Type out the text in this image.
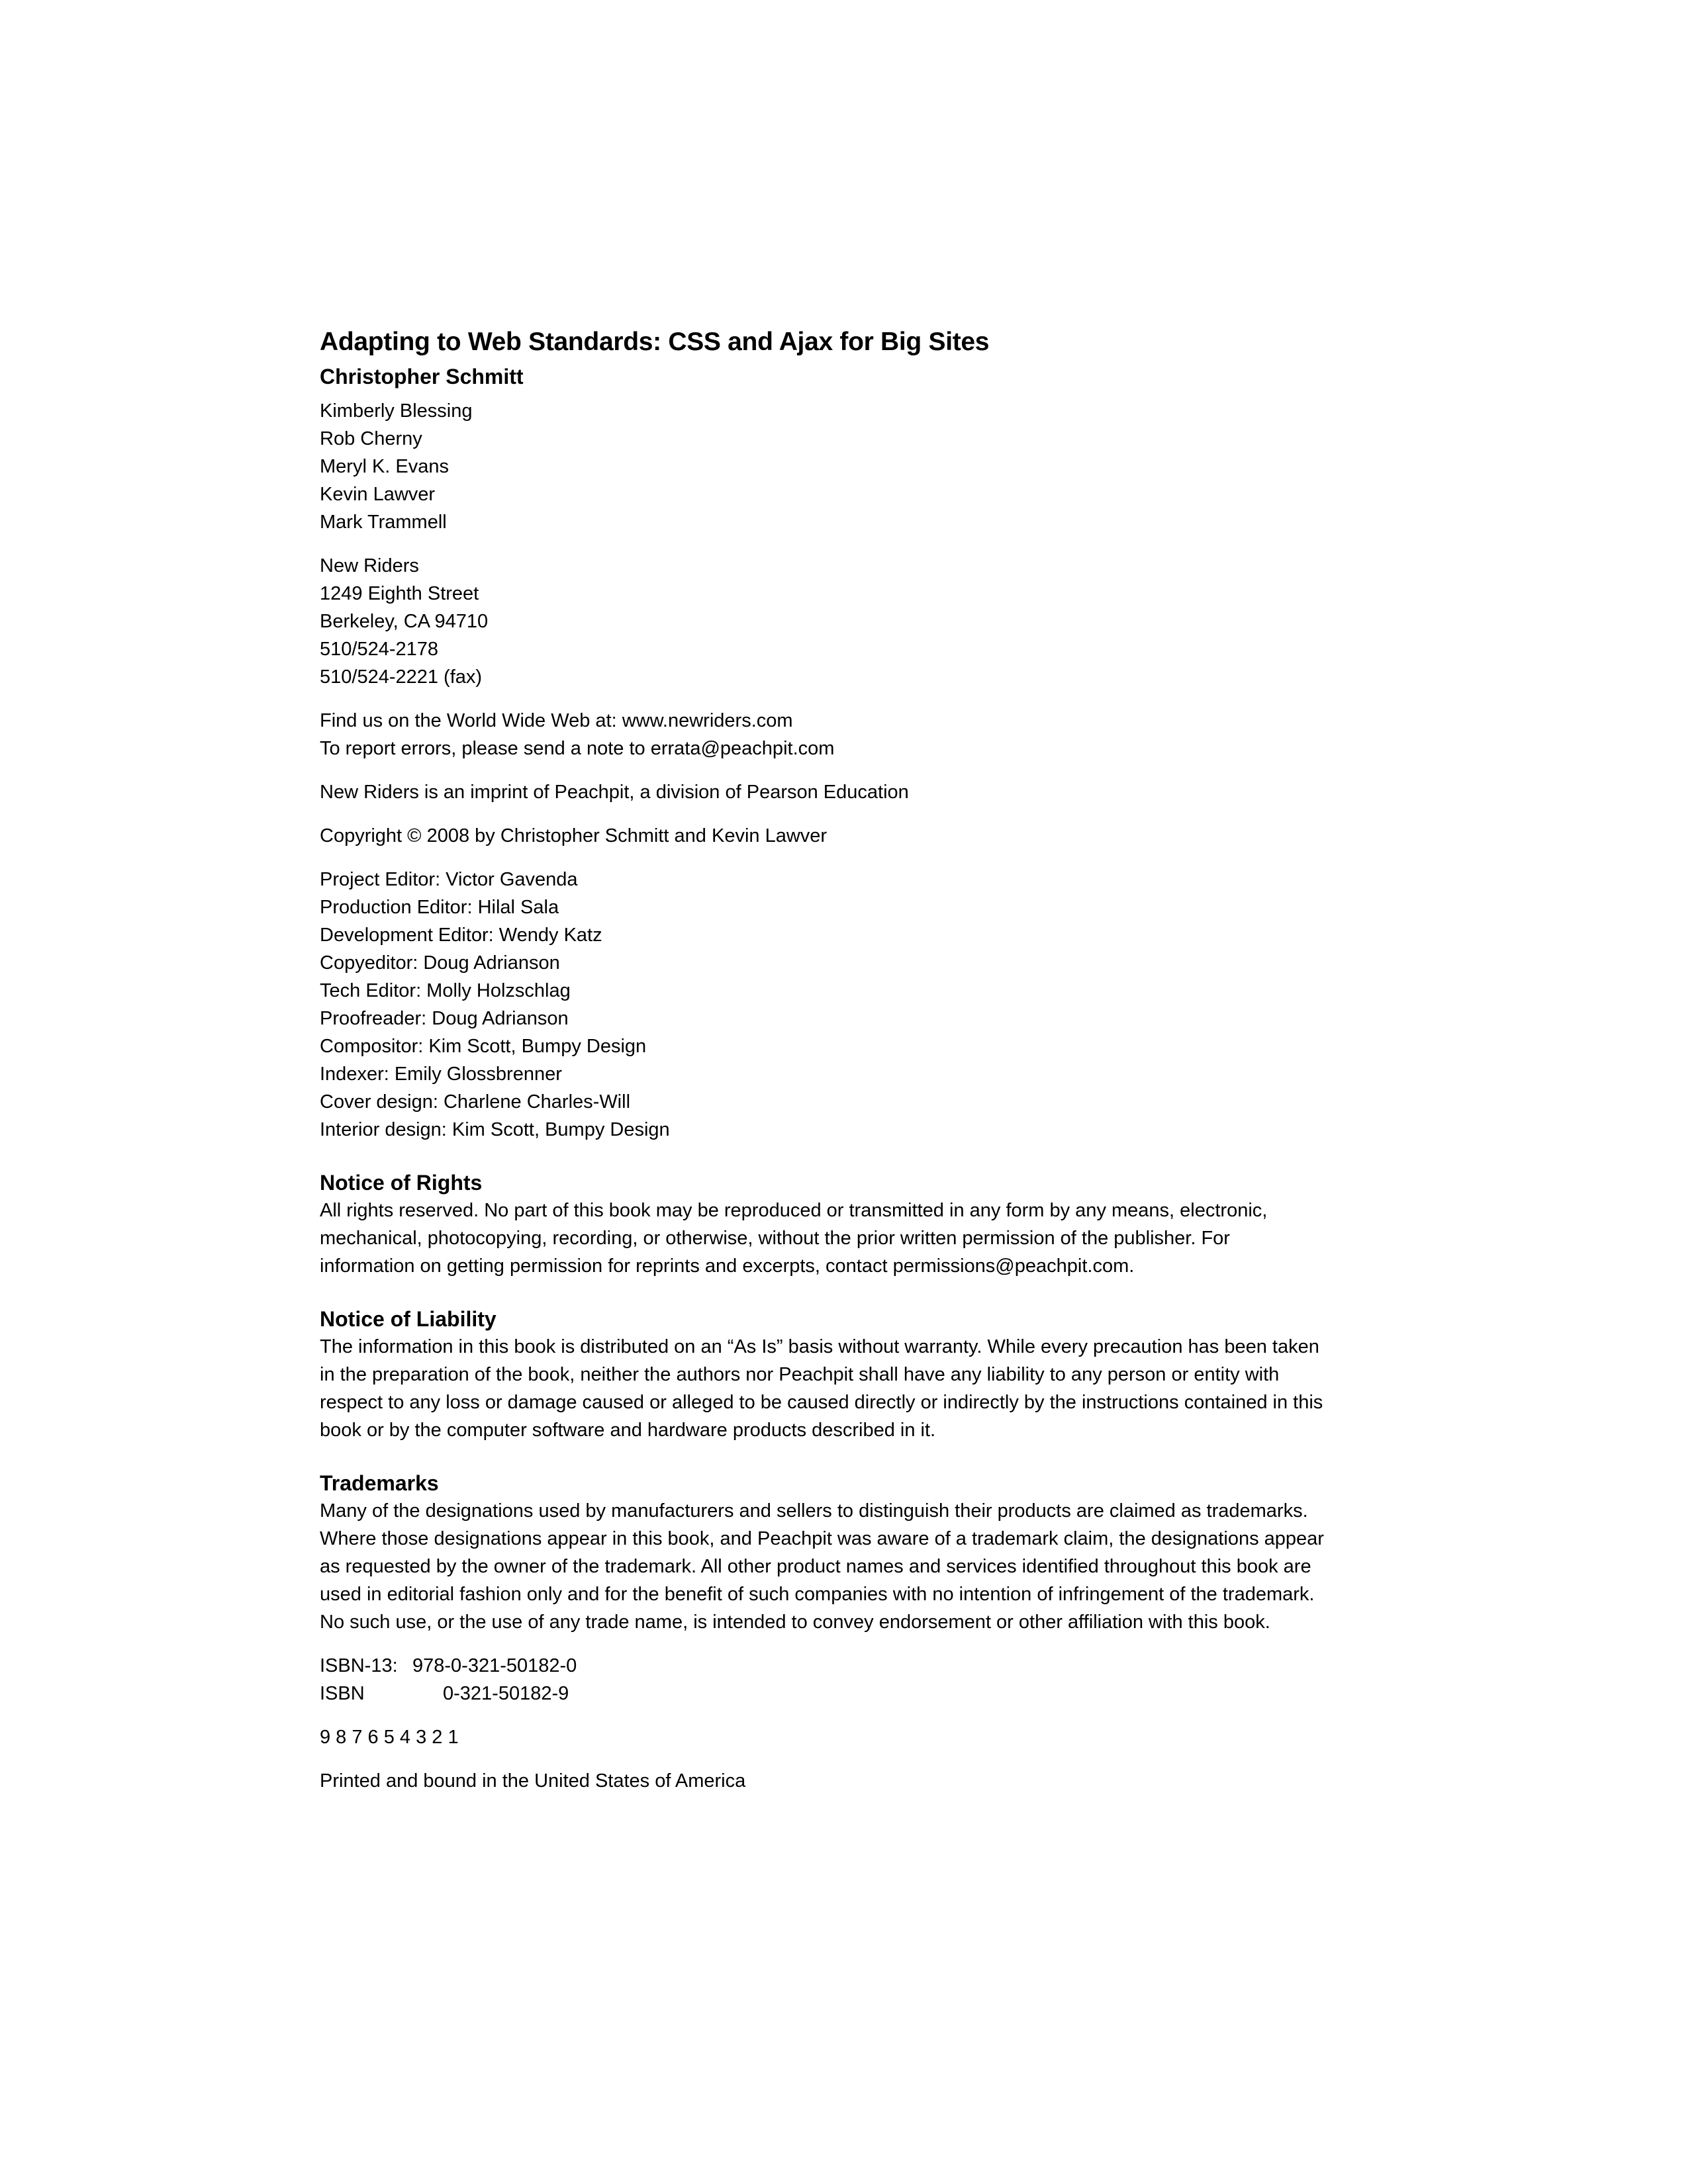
Adapting to Web Standards: CSS and Ajax for Big Sites
Christopher Schmitt
Kimberly Blessing
Rob Cherny
Meryl K. Evans
Kevin Lawver
Mark Trammell
New Riders
1249 Eighth Street
Berkeley, CA 94710
510/524-2178
510/524-2221 (fax)
Find us on the World Wide Web at: www.newriders.com
To report errors, please send a note to errata@peachpit.com
New Riders is an imprint of Peachpit, a division of Pearson Education
Copyright © 2008 by Christopher Schmitt and Kevin Lawver
Project Editor: Victor Gavenda
Production Editor: Hilal Sala
Development Editor: Wendy Katz
Copyeditor: Doug Adrianson
Tech Editor: Molly Holzschlag
Proofreader: Doug Adrianson
Compositor: Kim Scott, Bumpy Design
Indexer: Emily Glossbrenner
Cover design: Charlene Charles-Will
Interior design: Kim Scott, Bumpy Design
Notice of Rights

All rights reserved. No part of this book may be reproduced or transmitted in any form by any means, electronic,
mechanical, photocopying, recording, or otherwise, without the prior written permission of the publisher. For
information on getting permission for reprints and excerpts, contact permissions@peachpit.com.

Notice of Liability

The information in this book is distributed on an “As Is” basis without warranty. While every precaution has been taken
in the preparation of the book, neither the authors nor Peachpit shall have any liability to any person or entity with
respect to any loss or damage caused or alleged to be caused directly or indirectly by the instructions contained in this
book or by the computer software and hardware products described in it.

Trademarks

Many of the designations used by manufacturers and sellers to distinguish their products are claimed as trademarks.
Where those designations appear in this book, and Peachpit was aware of a trademark claim, the designations appear
as requested by the owner of the trademark. All other product names and services identified throughout this book are
used in editorial fashion only and for the benefit of such companies with no intention of infringement of the trademark.
No such use, or the use of any trade name, is intended to convey endorsement or other affiliation with this book.

ISBN-13: 978-0-321-50182-0
ISBN	0-321-50182-9
9 8 7 6 5 4 3 2 1
Printed and bound in the United States of America
